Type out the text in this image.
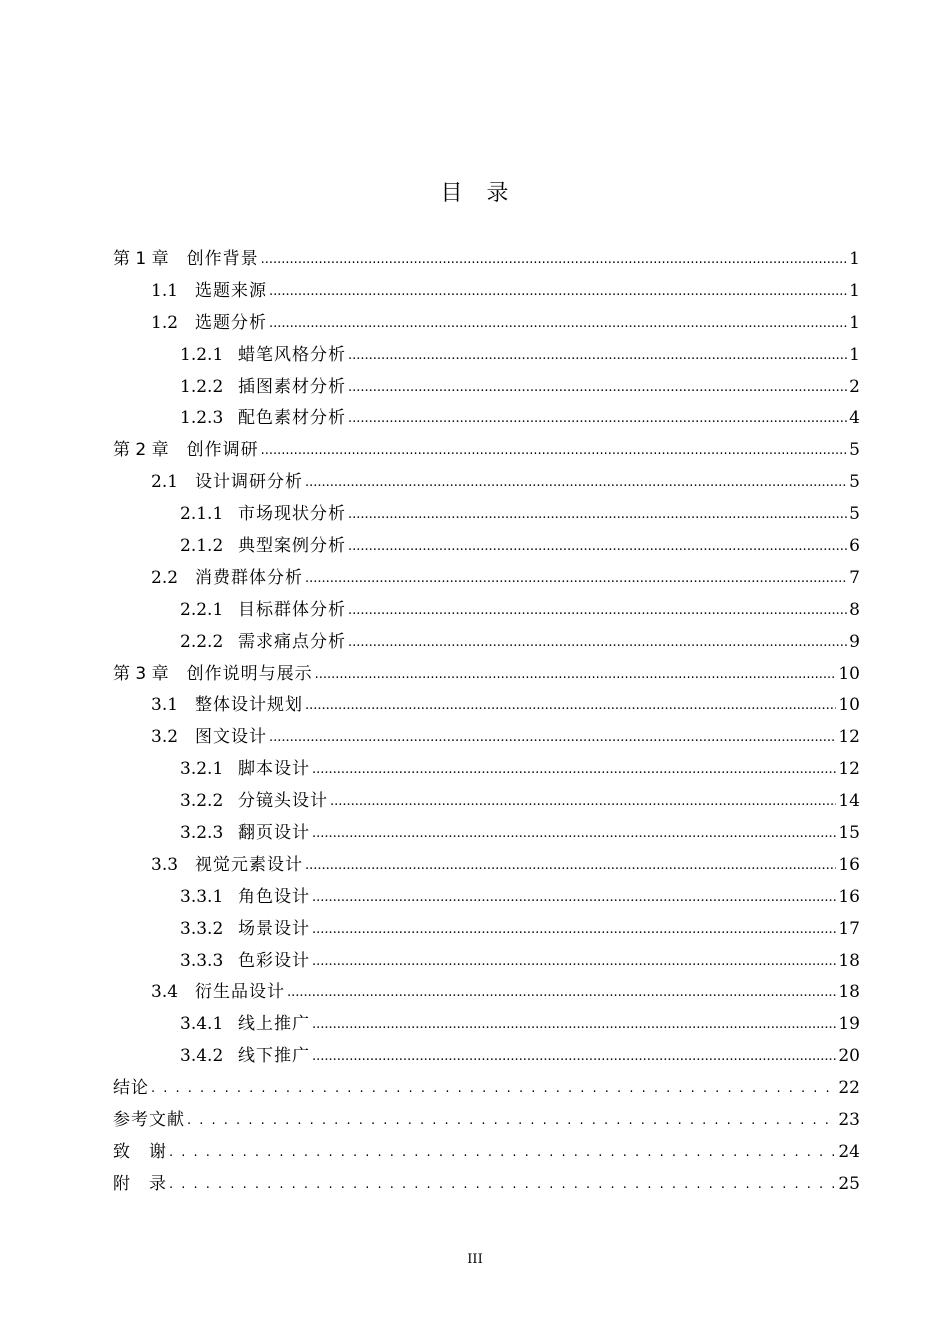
目　录
第 1 章 创作背景 .....	1
1.1 选题来源 .....	1
1.2 选题分析 .....	1
1.2.1 蜡笔风格分析 .....	1
1.2.2 插图素材分析 .....	2
1.2.3 配色素材分析 .....	4
第 2 章 创作调研 .....	5
2.1 设计调研分析 .....	5
2.1.1 市场现状分析 .....	5
2.1.2 典型案例分析 .....	6
2.2 消费群体分析 .....	7
2.2.1 目标群体分析 .....	8
2.2.2 需求痛点分析 .....	9
第 3 章 创作说明与展示 .....	10
3.1 整体设计规划 .....	10
3.2 图文设计 .....	12
3.2.1 脚本设计 .....	12
3.2.2 分镜头设计 .....	14
3.2.3 翻页设计 .....	15
3.3 视觉元素设计 .....	16
3.3.1 角色设计 .....	16
3.3.2 场景设计 .....	17
3.3.3 色彩设计 .....	18
3.4 衍生品设计 .....	18
3.4.1 线上推广 .....	19
3.4.2 线下推广 .....	20
结论 . . .	22
参考文献 . . .	23
致　谢 . . .	24
附　录 . . .	25
III
